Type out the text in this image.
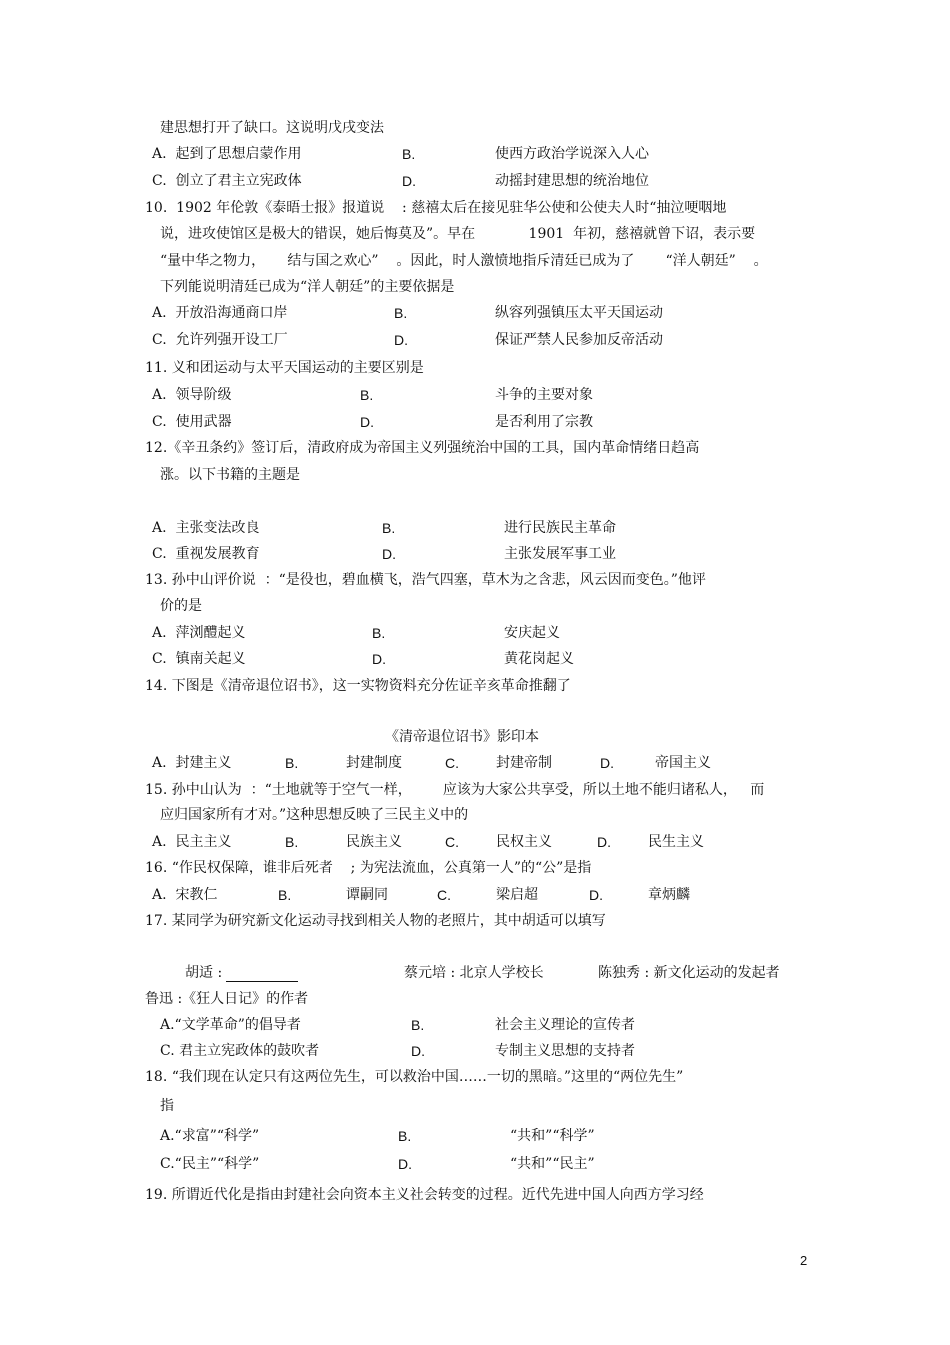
建思想打开了缺口。这说明戊戌变法
A.  起到了思想启蒙作用	B.	使西方政治学说深入人心
C.  创立了君主立宪政体	D.	动摇封建思想的统治地位
10.  1902 年伦敦《泰晤士报》报道说    : 慈禧太后在接见驻华公使和公使夫人时“抽泣哽咽地
说，进攻使馆区是极大的错误，她后悔莫及”。早在            1901  年初，慈禧就曾下诏，表示要
“量中华之物力，     结与国之欢心”    。因此，时人激愤地指斥清廷已成为了       “洋人朝廷”    。
下列能说明清廷已成为“洋人朝廷”的主要依据是
A.  开放沿海通商口岸	B.	纵容列强镇压太平天国运动
C.  允许列强开设工厂	D.	保证严禁人民参加反帝活动
11. 义和团运动与太平天国运动的主要区别是
A.  领导阶级	B.	斗争的主要对象
C.  使用武器	D.	是否利用了宗教
12.《辛丑条约》签订后，清政府成为帝国主义列强统治中国的工具，国内革命情绪日趋高
涨。以下书籍的主题是
A.  主张变法改良	B.	进行民族民主革命
C.  重视发展教育	D.	主张发展军事工业
13. 孙中山评价说  ：“是役也，碧血横飞，浩气四塞，草木为之含悲，风云因而变色。”他评
价的是
A.  萍浏醴起义	B.	安庆起义
C.  镇南关起义	D.	黄花岗起义
14. 下图是《清帝退位诏书》，这一实物资料充分佐证辛亥革命推翻了
《清帝退位诏书》影印本
A.  封建主义	B.	封建制度	C.	封建帝制	D.	帝国主义
15. 孙中山认为  ：“土地就等于空气一样，       应该为大家公共享受，所以土地不能归诸私人，   而
应归国家所有才对。”这种思想反映了三民主义中的
A.  民主主义	B.	民族主义	C.	民权主义	D.	民生主义
16. “作民权保障，谁非后死者    ; 为宪法流血，公真第一人”的“公”是指
A.  宋教仁	B.	谭嗣同	C.	梁启超	D.	章炳麟
17. 某同学为研究新文化运动寻找到相关人物的老照片，其中胡适可以填写
胡适 :	蔡元培 : 北京人学校长	陈独秀 : 新文化运动的发起者
鲁迅 :《狂人日记》的作者
A.“文学革命”的倡导者	B.	社会主义理论的宣传者
C. 君主立宪政体的鼓吹者	D.	专制主义思想的支持者
18. “我们现在认定只有这两位先生，可以救治中国……一切的黑暗。”这里的“两位先生”
指
A.“求富”“科学”	B.	“共和”“科学”
C.“民主”“科学”	D.	“共和”“民主”
19. 所谓近代化是指由封建社会向资本主义社会转变的过程。近代先进中国人向西方学习经
2
